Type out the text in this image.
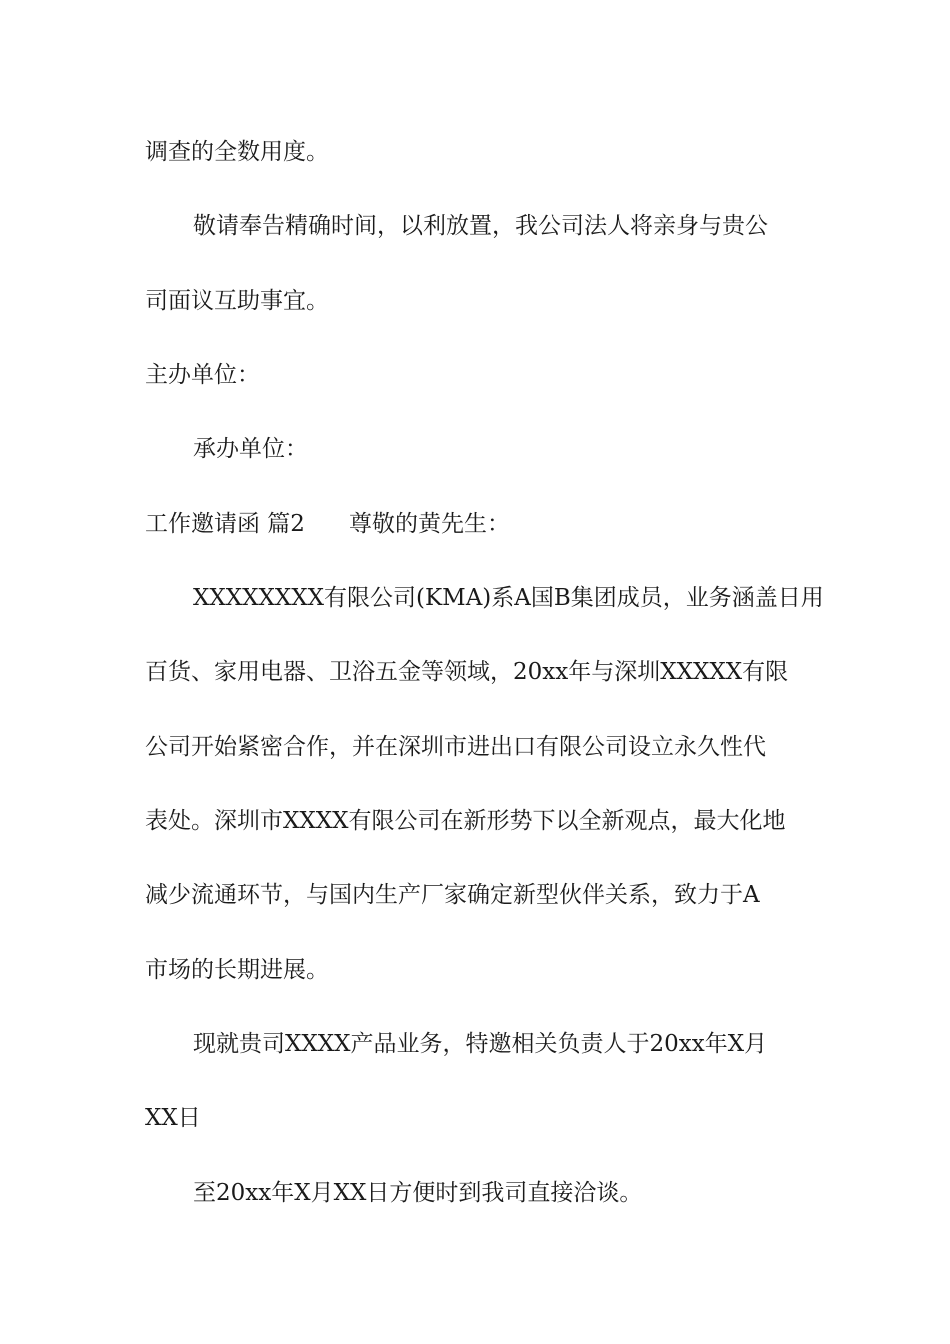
调查的全数用度。
敬请奉告精确时间，以利放置，我公司法人将亲身与贵公
司面议互助事宜。
主办单位：
承办单位：
工作邀请函 篇2 尊敬的黄先生：
XXXXXXXX有限公司(KMA)系A国B集团成员，业务涵盖日用
百货、家用电器、卫浴五金等领域，20xx年与深圳XXXXX有限
公司开始紧密合作，并在深圳市进出口有限公司设立永久性代
表处。深圳市XXXX有限公司在新形势下以全新观点，最大化地
减少流通环节，与国内生产厂家确定新型伙伴关系，致力于A
市场的长期进展。
现就贵司XXXX产品业务，特邀相关负责人于20xx年X月
XX日
至20xx年X月XX日方便时到我司直接洽谈。
